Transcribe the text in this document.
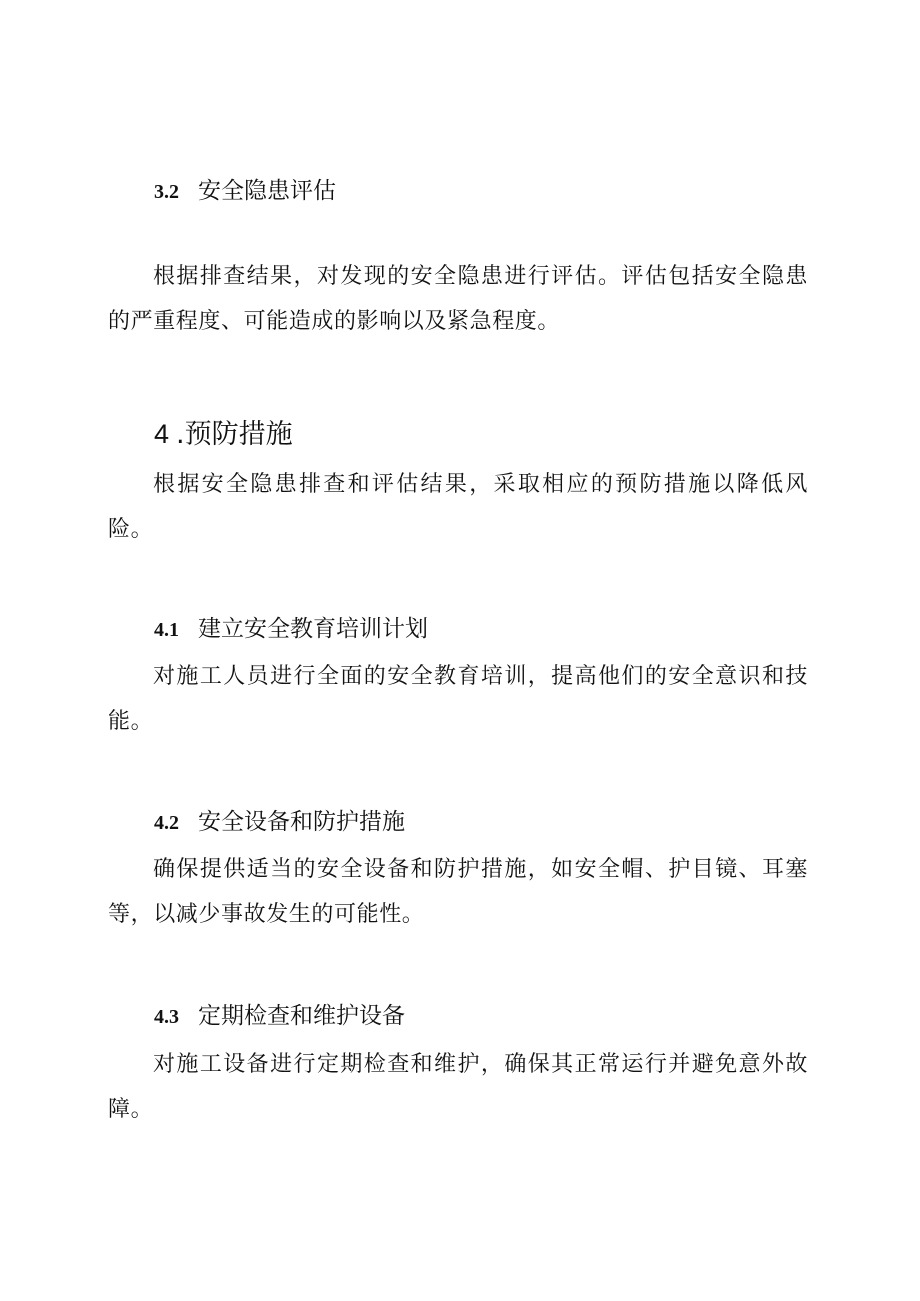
3.2 安全隐患评估
根据排查结果，对发现的安全隐患进行评估。评估包括安全隐患的严重程度、可能造成的影响以及紧急程度。
4 .预防措施
根据安全隐患排查和评估结果，采取相应的预防措施以降低风险。
4.1 建立安全教育培训计划
对施工人员进行全面的安全教育培训，提高他们的安全意识和技能。
4.2 安全设备和防护措施
确保提供适当的安全设备和防护措施，如安全帽、护目镜、耳塞等，以减少事故发生的可能性。
4.3 定期检查和维护设备
对施工设备进行定期检查和维护，确保其正常运行并避免意外故障。
